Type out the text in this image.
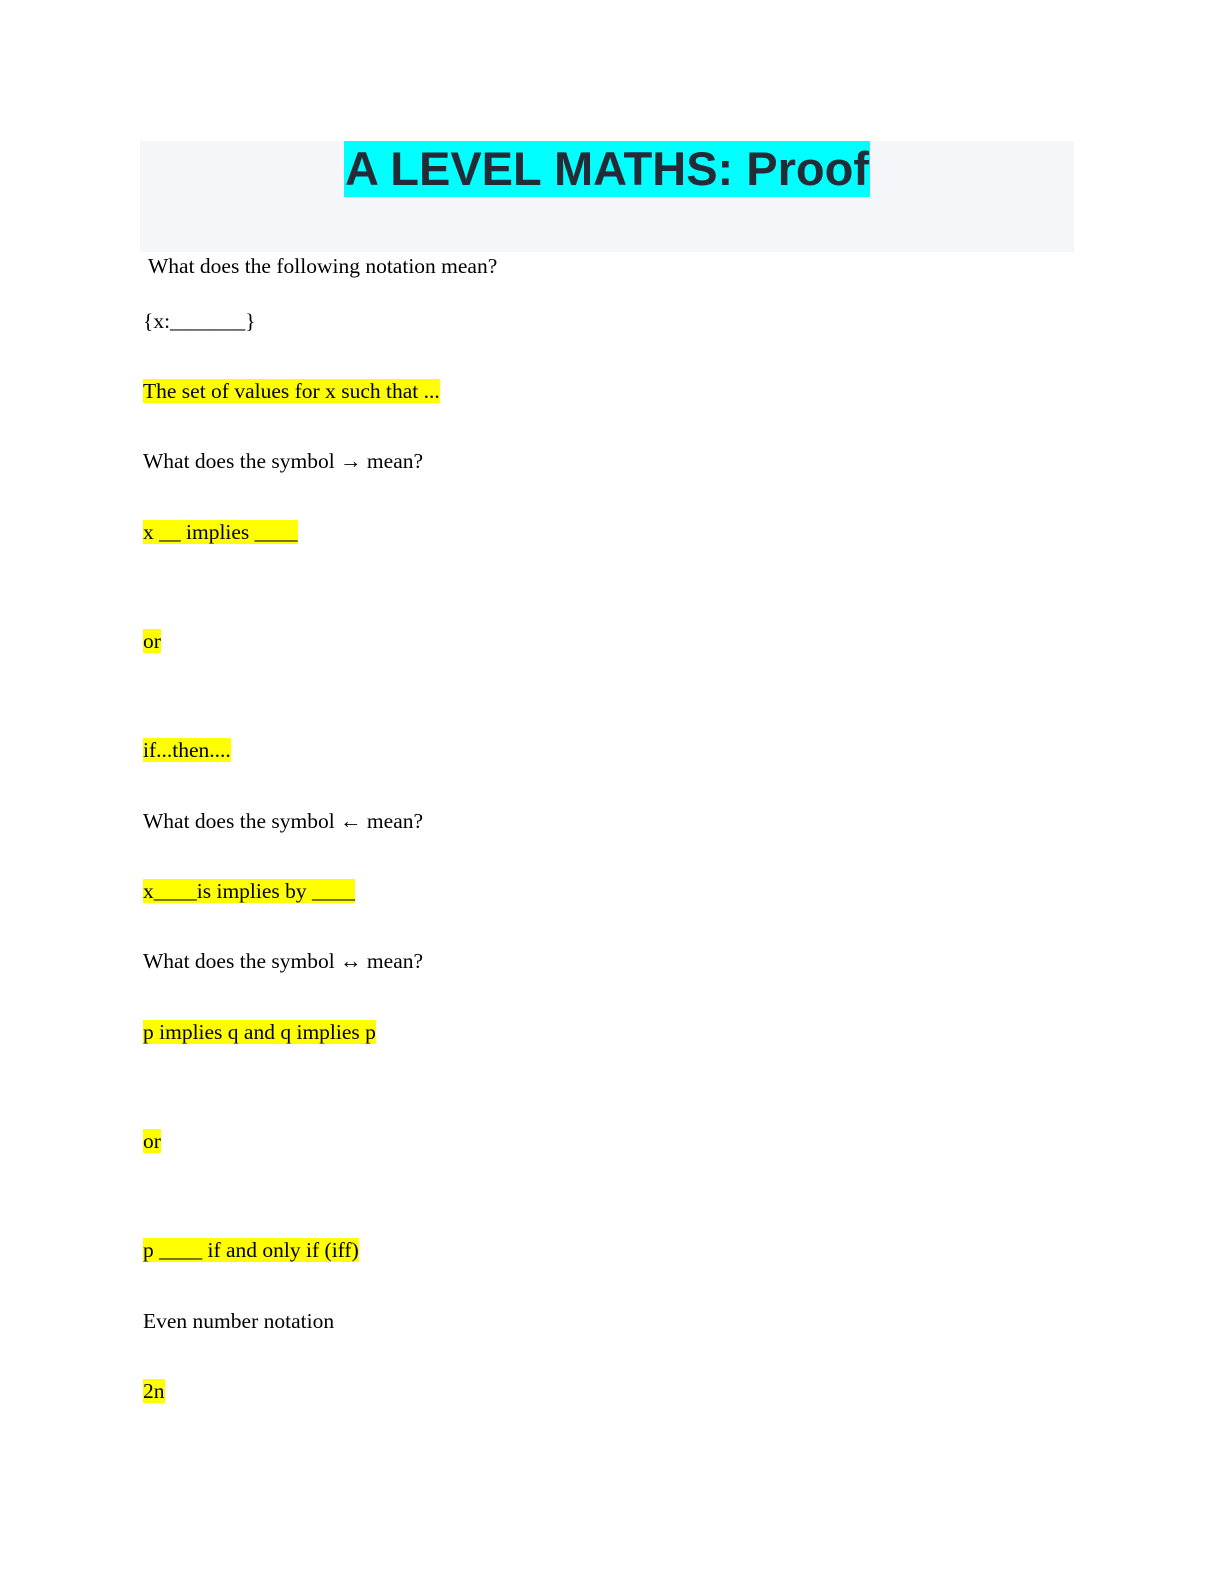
A LEVEL MATHS: Proof
What does the following notation mean?
{x:_______}
The set of values for x such that ...
What does the symbol → mean?
x __ implies ____
or
if...then....
What does the symbol ← mean?
x____is implies by ____
What does the symbol ↔ mean?
p implies q and q implies p
or
p ____ if and only if (iff)
Even number notation
2n
